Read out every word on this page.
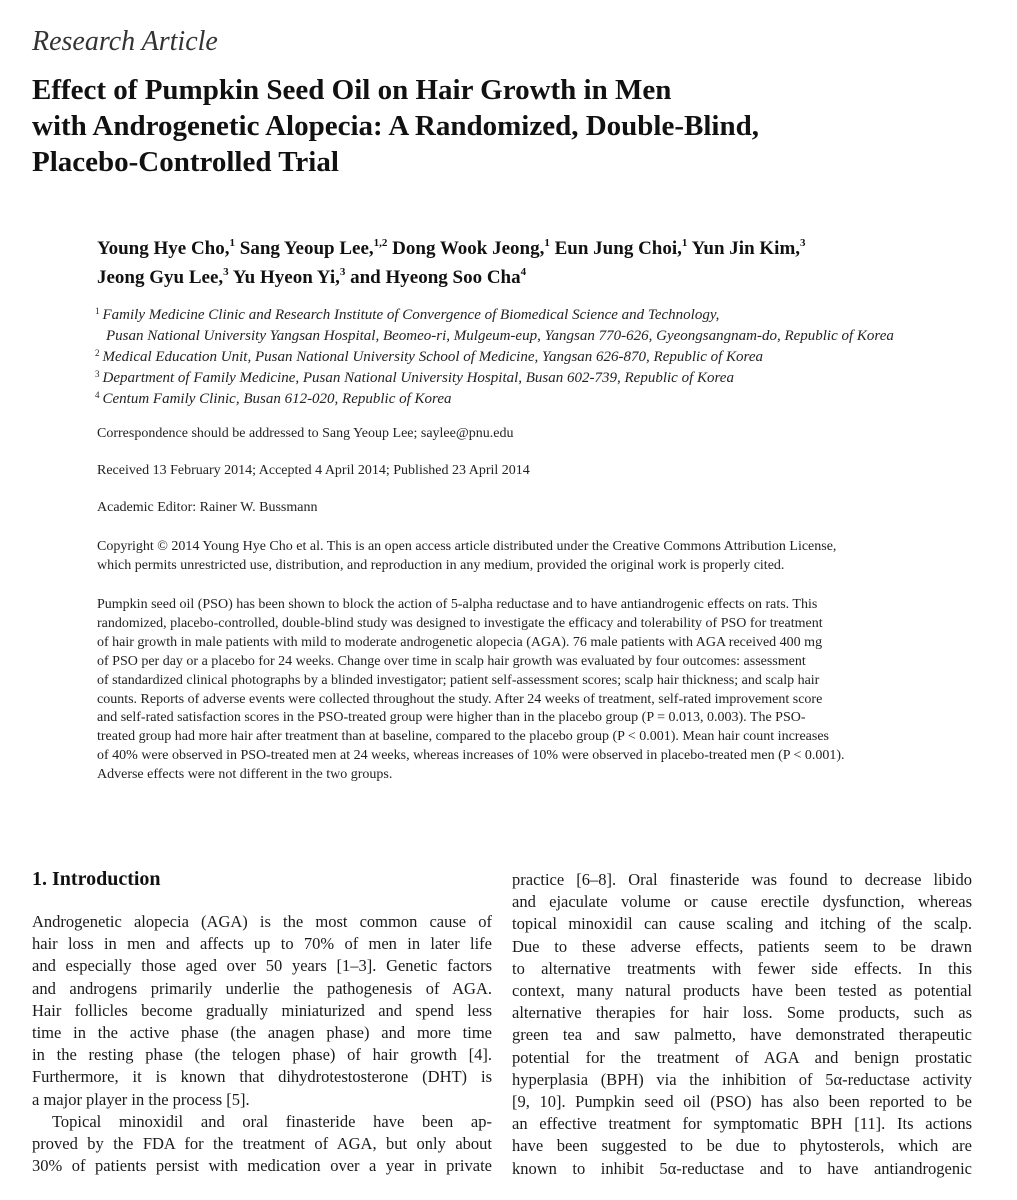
Research Article
Effect of Pumpkin Seed Oil on Hair Growth in Men
with Androgenetic Alopecia: A Randomized, Double-Blind,
Placebo-Controlled Trial
Young Hye Cho,$^1$ Sang Yeoup Lee,$^{1,2}$ Dong Wook Jeong,$^1$ Eun Jung Choi,$^1$ Yun Jin Kim,$^3$
Jeong Gyu Lee,$^3$ Yu Hyeon Yi,$^3$ and Hyeong Soo Cha$^4$
$^1$ Family Medicine Clinic and Research Institute of Convergence of Biomedical Science and Technology,
Pusan National University Yangsan Hospital, Beomeo-ri, Mulgeum-eup, Yangsan 770-626, Gyeongsangnam-do, Republic of Korea
$^2$ Medical Education Unit, Pusan National University School of Medicine, Yangsan 626-870, Republic of Korea
$^3$ Department of Family Medicine, Pusan National University Hospital, Busan 602-739, Republic of Korea
$^4$ Centum Family Clinic, Busan 612-020, Republic of Korea
Correspondence should be addressed to Sang Yeoup Lee; saylee@pnu.edu
Received 13 February 2014; Accepted 4 April 2014; Published 23 April 2014
Academic Editor: Rainer W. Bussmann
Copyright © 2014 Young Hye Cho et al. This is an open access article distributed under the Creative Commons Attribution License,
which permits unrestricted use, distribution, and reproduction in any medium, provided the original work is properly cited.
Pumpkin seed oil (PSO) has been shown to block the action of 5-alpha reductase and to have antiandrogenic effects on rats. This
randomized, placebo-controlled, double-blind study was designed to investigate the efficacy and tolerability of PSO for treatment
of hair growth in male patients with mild to moderate androgenetic alopecia (AGA). 76 male patients with AGA received 400 mg
of PSO per day or a placebo for 24 weeks. Change over time in scalp hair growth was evaluated by four outcomes: assessment
of standardized clinical photographs by a blinded investigator; patient self-assessment scores; scalp hair thickness; and scalp hair
counts. Reports of adverse events were collected throughout the study. After 24 weeks of treatment, self-rated improvement score
and self-rated satisfaction scores in the PSO-treated group were higher than in the placebo group (P = 0.013, 0.003). The PSO-
treated group had more hair after treatment than at baseline, compared to the placebo group (P < 0.001). Mean hair count increases
of 40% were observed in PSO-treated men at 24 weeks, whereas increases of 10% were observed in placebo-treated men (P < 0.001).
Adverse effects were not different in the two groups.
1. Introduction
Androgenetic alopecia (AGA) is the most common cause of
hair loss in men and affects up to 70% of men in later life
and especially those aged over 50 years [1–3]. Genetic factors
and androgens primarily underlie the pathogenesis of AGA.
Hair follicles become gradually miniaturized and spend less
time in the active phase (the anagen phase) and more time
in the resting phase (the telogen phase) of hair growth [4].
Furthermore, it is known that dihydrotestosterone (DHT) is
a major player in the process [5].
Topical minoxidil and oral finasteride have been ap-
proved by the FDA for the treatment of AGA, but only about
30% of patients persist with medication over a year in private
practice [6–8]. Oral finasteride was found to decrease libido
and ejaculate volume or cause erectile dysfunction, whereas
topical minoxidil can cause scaling and itching of the scalp.
Due to these adverse effects, patients seem to be drawn
to alternative treatments with fewer side effects. In this
context, many natural products have been tested as potential
alternative therapies for hair loss. Some products, such as
green tea and saw palmetto, have demonstrated therapeutic
potential for the treatment of AGA and benign prostatic
hyperplasia (BPH) via the inhibition of 5α-reductase activity
[9, 10]. Pumpkin seed oil (PSO) has also been reported to be
an effective treatment for symptomatic BPH [11]. Its actions
have been suggested to be due to phytosterols, which are
known to inhibit 5α-reductase and to have antiandrogenic
